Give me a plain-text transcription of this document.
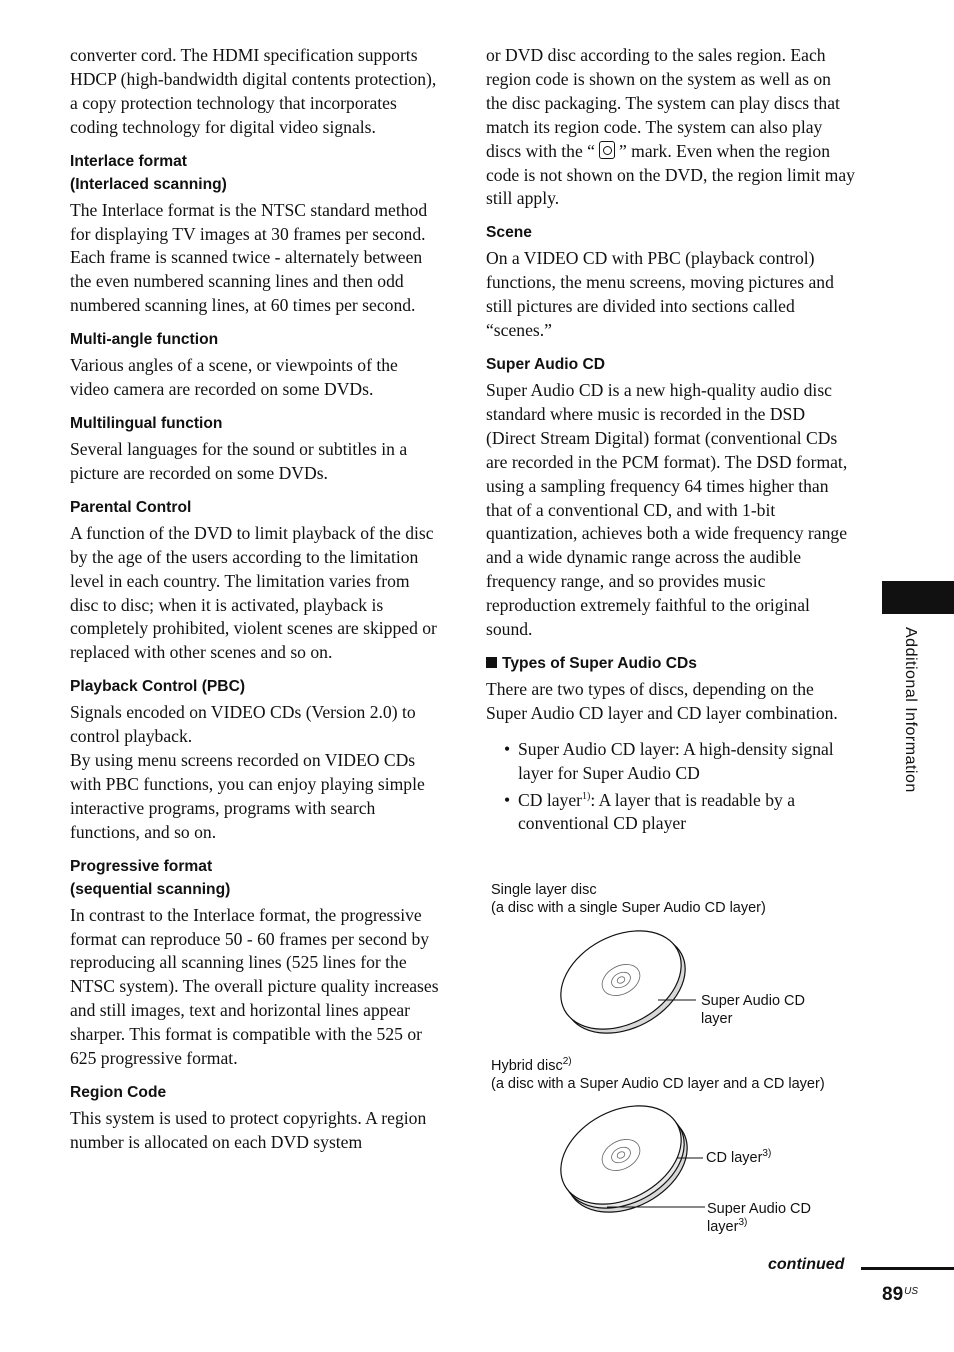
converter cord. The HDMI specification supports HDCP (high-bandwidth digital contents protection), a copy protection technology that incorporates coding technology for digital video signals.

Interlace format
(Interlaced scanning)

The Interlace format is the NTSC standard method for displaying TV images at 30 frames per second. Each frame is scanned twice - alternately between the even numbered scanning lines and then odd numbered scanning lines, at 60 times per second.

Multi-angle function

Various angles of a scene, or viewpoints of the video camera are recorded on some DVDs.

Multilingual function

Several languages for the sound or subtitles in a picture are recorded on some DVDs.

Parental Control

A function of the DVD to limit playback of the disc by the age of the users according to the limitation level in each country. The limitation varies from disc to disc; when it is activated, playback is completely prohibited, violent scenes are skipped or replaced with other scenes and so on.

Playback Control (PBC)

Signals encoded on VIDEO CDs (Version 2.0) to control playback.

By using menu screens recorded on VIDEO CDs with PBC functions, you can enjoy playing simple interactive programs, programs with search functions, and so on.

Progressive format
(sequential scanning)

In contrast to the Interlace format, the progressive format can reproduce 50 - 60 frames per second by reproducing all scanning lines (525 lines for the NTSC system). The overall picture quality increases and still images, text and horizontal lines appear sharper. This format is compatible with the 525 or 625 progressive format.

Region Code

This system is used to protect copyrights. A region number is allocated on each DVD system

or DVD disc according to the sales region. Each region code is shown on the system as well as on the disc packaging. The system can play discs that match its region code. The system can also play discs with the “ ” mark. Even when the region code is not shown on the DVD, the region limit may still apply.

Scene

On a VIDEO CD with PBC (playback control) functions, the menu screens, moving pictures and still pictures are divided into sections called “scenes.”

Super Audio CD

Super Audio CD is a new high-quality audio disc standard where music is recorded in the DSD (Direct Stream Digital) format (conventional CDs are recorded in the PCM format). The DSD format, using a sampling frequency 64 times higher than that of a conventional CD, and with 1-bit quantization, achieves both a wide frequency range and a wide dynamic range across the audible frequency range, and so provides music reproduction extremely faithful to the original sound.

Types of Super Audio CDs

There are two types of discs, depending on the Super Audio CD layer and CD layer combination.

• Super Audio CD layer: A high-density signal layer for Super Audio CD
• CD layer$^{1)}$: A layer that is readable by a conventional CD player
Single layer disc
(a disc with a single Super Audio CD layer)
Super Audio CD
layer
Hybrid disc$^{2)}$
(a disc with a Super Audio CD layer and a CD layer)
CD layer$^{3)}$
Super Audio CD
layer$^{3)}$
Additional Information
continued
$89^{US}$
